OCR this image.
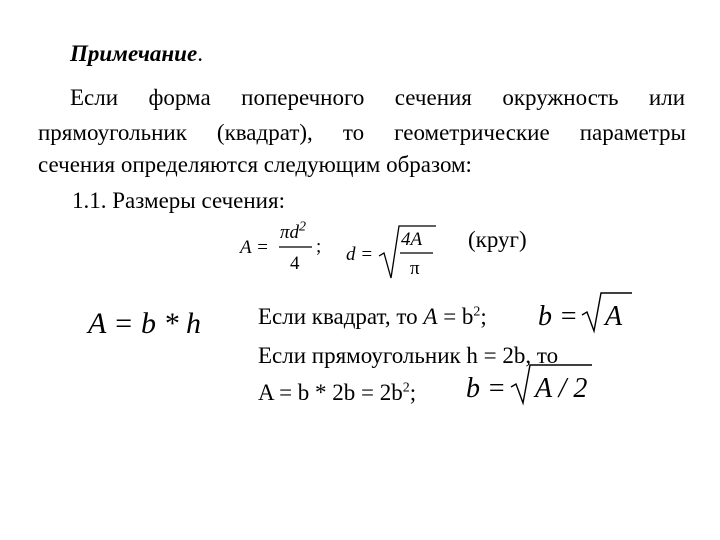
Примечание.
Если форма поперечного сечения окружность или
прямоугольник (квадрат), то геометрические параметры
сечения определяются следующим образом:
1.1. Размеры сечения:
A =
$\pi d^2$
4
; d =
4A
π
(круг)
A = b * h Если квадрат, то $A = b^2$; b = A
Если прямоугольник h = 2b, то
$A = b * 2b = 2b^2$; b = A / 2
